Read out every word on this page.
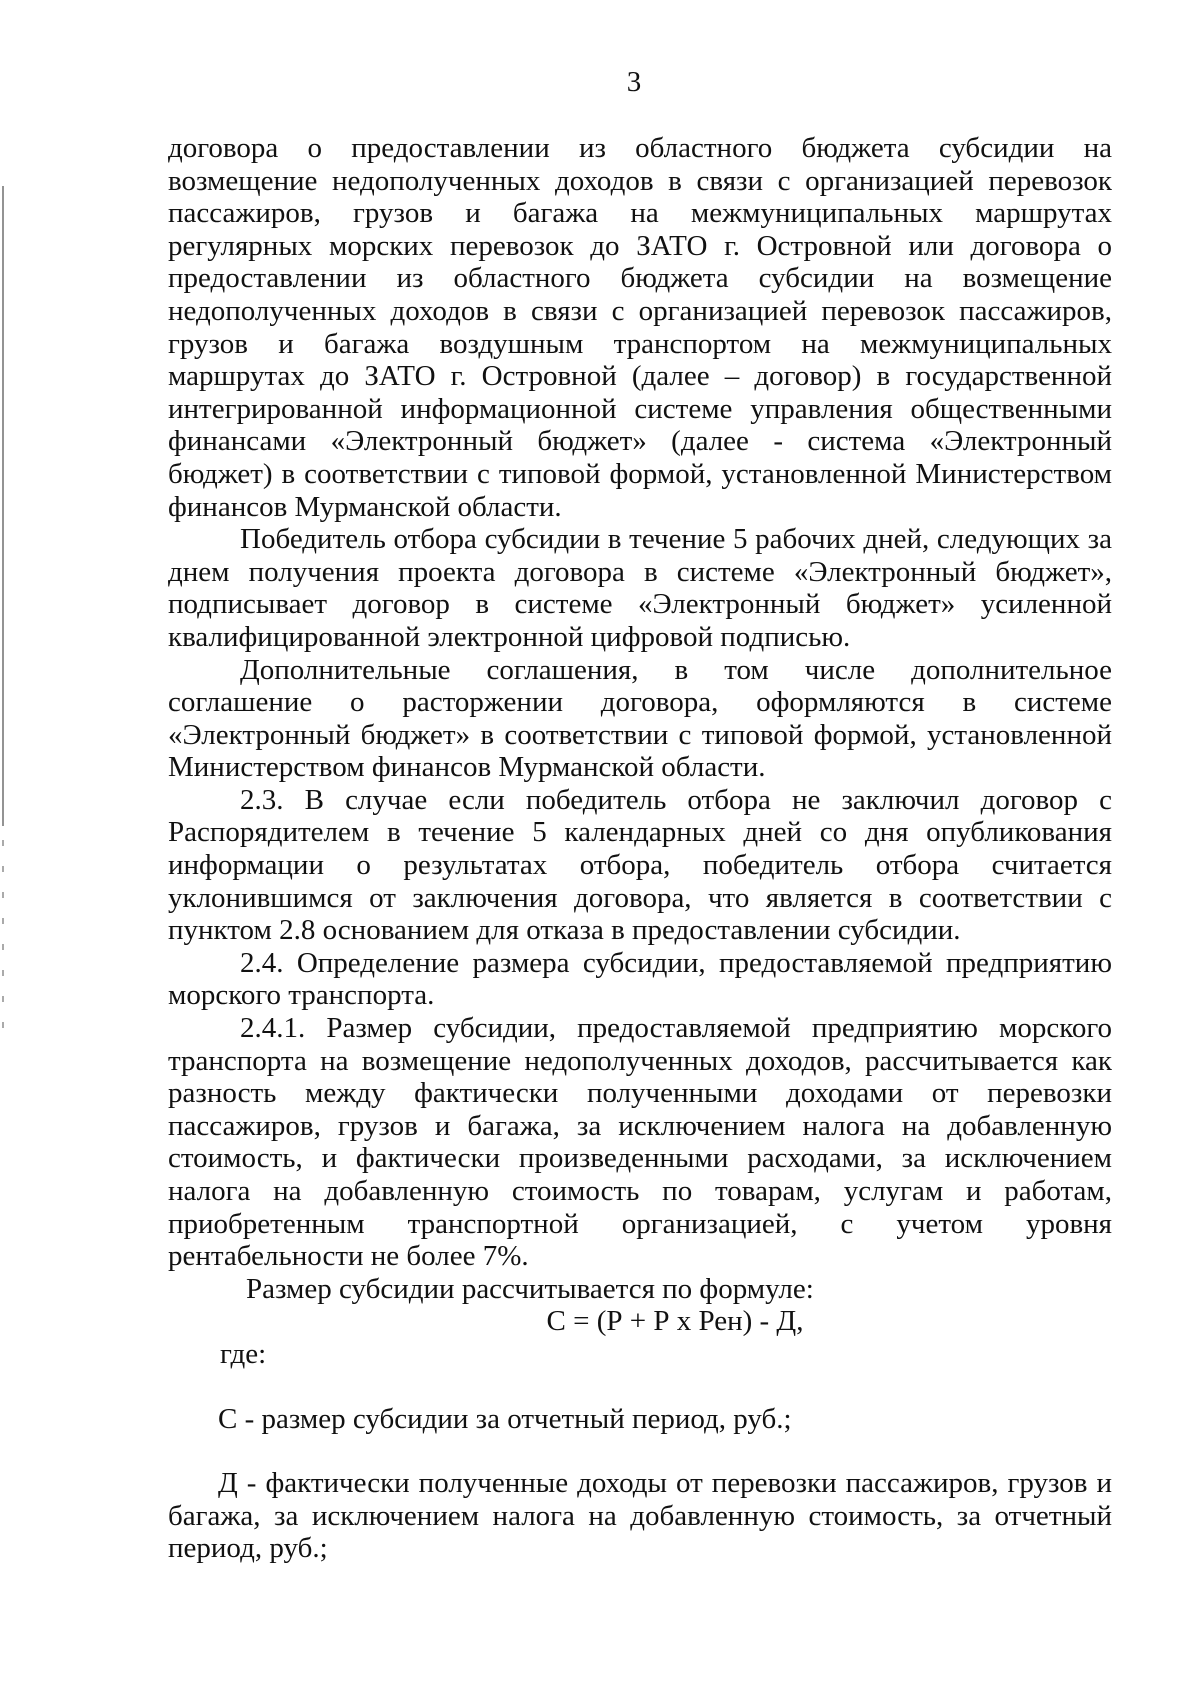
3

договора о предоставлении из областного бюджета субсидии на возмещение недополученных доходов в связи с организацией перевозок пассажиров, грузов и багажа на межмуниципальных маршрутах регулярных морских перевозок до ЗАТО г. Островной или договора о предоставлении из областного бюджета субсидии на возмещение недополученных доходов в связи с организацией перевозок пассажиров, грузов и багажа воздушным транспортом на межмуниципальных маршрутах до ЗАТО г. Островной (далее – договор) в государственной интегрированной информационной системе управления общественными финансами «Электронный бюджет» (далее - система «Электронный бюджет) в соответствии с типовой формой, установленной Министерством финансов Мурманской области.

Победитель отбора субсидии в течение 5 рабочих дней, следующих за днем получения проекта договора в системе «Электронный бюджет», подписывает договор в системе «Электронный бюджет» усиленной квалифицированной электронной цифровой подписью.

Дополнительные соглашения, в том числе дополнительное соглашение о расторжении договора, оформляются в системе «Электронный бюджет» в соответствии с типовой формой, установленной Министерством финансов Мурманской области.

2.3. В случае если победитель отбора не заключил договор с Распорядителем в течение 5 календарных дней со дня опубликования информации о результатах отбора, победитель отбора считается уклонившимся от заключения договора, что является в соответствии с пунктом 2.8 основанием для отказа в предоставлении субсидии.

2.4. Определение размера субсидии, предоставляемой предприятию морского транспорта.

2.4.1. Размер субсидии, предоставляемой предприятию морского транспорта на возмещение недополученных доходов, рассчитывается как разность между фактически полученными доходами от перевозки пассажиров, грузов и багажа, за исключением налога на добавленную стоимость, и фактически произведенными расходами, за исключением налога на добавленную стоимость по товарам, услугам и работам, приобретенным транспортной организацией, с учетом уровня рентабельности не более 7%.

Размер субсидии рассчитывается по формуле:

С = (Р + Р х Рен) - Д,

где:

С - размер субсидии за отчетный период, руб.;

Д - фактически полученные доходы от перевозки пассажиров, грузов и багажа, за исключением налога на добавленную стоимость, за отчетный период, руб.;
